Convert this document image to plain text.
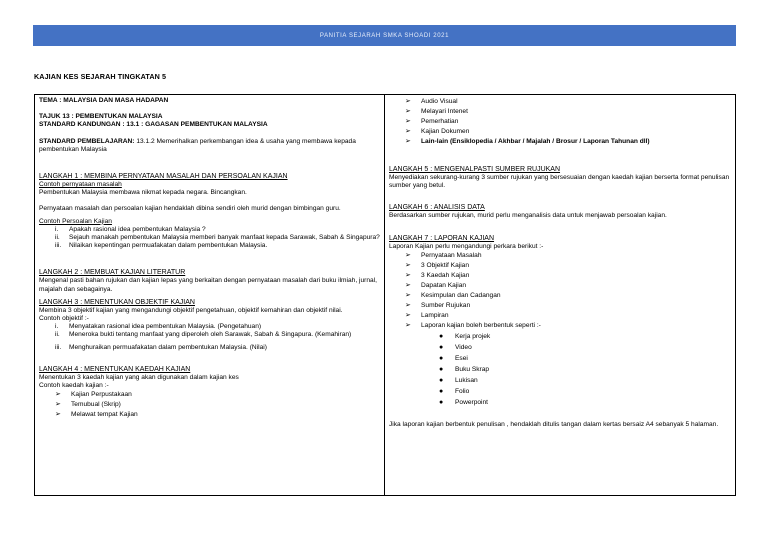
PANITIA SEJARAH SMKA SHOADI 2021
KAJIAN KES SEJARAH TINGKATAN 5
TEMA : MALAYSIA DAN MASA HADAPAN
TAJUK 13 : PEMBENTUKAN MALAYSIA
STANDARD KANDUNGAN : 13.1 : GAGASAN PEMBENTUKAN MALAYSIA
STANDARD PEMBELAJARAN: 13.1.2 Memerihalkan perkembangan idea & usaha yang membawa kepada pembentukan Malaysia
LANGKAH 1 : MEMBINA PERNYATAAN MASALAH DAN PERSOALAN KAJIAN
Contoh pernyataan masalah
Pembentukan Malaysia membawa nikmat kepada negara. Bincangkan.
Pernyataan masalah dan persoalan kajian hendaklah dibina sendiri oleh murid dengan bimbingan guru.
Contoh Persoalan Kajian
i.	Apakah rasional idea pembentukan Malaysia ?
ii.	Sejauh manakah pembentukan Malaysia memberi banyak manfaat kepada Sarawak, Sabah & Singapura?
iii.	Nilaikan kepentingan permuafakatan dalam pembentukan Malaysia.
LANGKAH 2 : MEMBUAT KAJIAN LITERATUR
Mengenal pasti bahan rujukan dan kajian lepas yang berkaitan dengan pernyataan masalah dari buku ilmiah, jurnal, majalah dan sebagainya.
LANGKAH 3 : MENENTUKAN OBJEKTIF KAJIAN
Membina 3 objektif kajian yang mengandungi objektif pengetahuan, objektif kemahiran dan objektif nilai.
Contoh objektif :-
i.	Menyatakan rasional idea pembentukan Malaysia. (Pengetahuan)
ii.	Meneroka bukti tentang manfaat yang diperoleh oleh Sarawak, Sabah & Singapura. (Kemahiran)
iii.	Menghuraikan permuafakatan dalam pembentukan Malaysia. (Nilai)
LANGKAH 4 : MENENTUKAN KAEDAH KAJIAN
Menentukan 3 kaedah kajian yang akan digunakan dalam kajian kes
Contoh kaedah kajian :-
➢	Kajian Perpustakaan
➢	Temubual (Skrip)
➢	Melawat tempat Kajian
➢	Audio Visual
➢	Melayari Intenet
➢	Pemerhatian
➢	Kajian Dokumen
➢	Lain-lain (Ensiklopedia / Akhbar / Majalah / Brosur / Laporan Tahunan dll)
LANGKAH 5 : MENGENALPASTI SUMBER RUJUKAN
Menyediakan sekurang-kurang 3 sumber rujukan yang bersesuaian dengan kaedah kajian berserta format penulisan sumber yang betul.
LANGKAH 6 : ANALISIS DATA
Berdasarkan sumber rujukan, murid perlu menganalisis data untuk menjawab persoalan kajian.
LANGKAH 7 : LAPORAN KAJIAN
Laporan Kajian perlu mengandungi perkara berikut :-
➢	Pernyataan Masalah
➢	3 Objektif Kajian
➢	3 Kaedah Kajian
➢	Dapatan Kajian
➢	Kesimpulan dan Cadangan
➢	Sumber Rujukan
➢	Lampiran
➢	Laporan kajian boleh berbentuk seperti :-
●	Kerja projek
●	Video
●	Esei
●	Buku Skrap
●	Lukisan
●	Folio
●	Powerpoint
Jika laporan kajian berbentuk penulisan , hendaklah ditulis tangan dalam kertas bersaiz A4 sebanyak 5 halaman.
